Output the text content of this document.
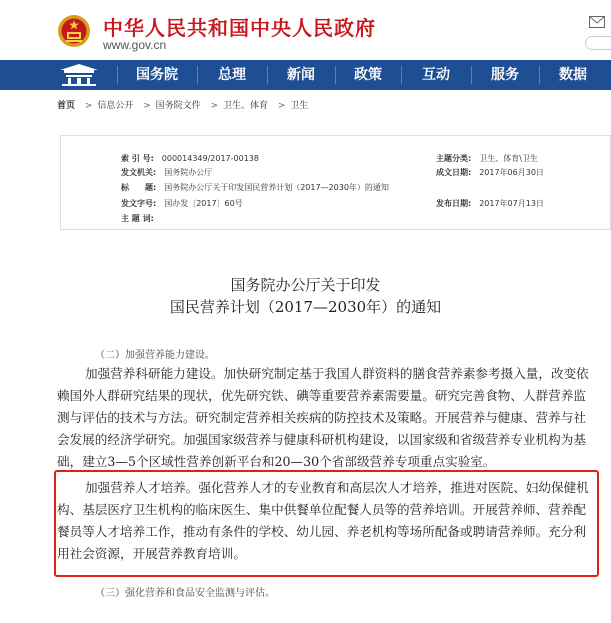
中华人民共和国中央人民政府
www.gov.cn
国务院	总理	新闻	政策	互动	服务	数据
首页 > 信息公开 > 国务院文件 > 卫生、体育 > 卫生
索 引 号: 000014349/2017-00138	主题分类: 卫生、体育\卫生
发文机关: 国务院办公厅	成文日期: 2017年06月30日
标　　题: 国务院办公厅关于印发国民营养计划（2017—2030年）的通知
发文字号: 国办发〔2017〕60号	发布日期: 2017年07月13日
主 题 词:
国务院办公厅关于印发
国民营养计划（2017—2030年）的通知
（二）加强营养能力建设。
加强营养科研能力建设。加快研究制定基于我国人群资料的膳食营养素参考摄入量，改变依赖国外人群研究结果的现状，优先研究铁、碘等重要营养素需要量。研究完善食物、人群营养监测与评估的技术与方法。研究制定营养相关疾病的防控技术及策略。开展营养与健康、营养与社会发展的经济学研究。加强国家级营养与健康科研机构建设，以国家级和省级营养专业机构为基础，建立3—5个区域性营养创新平台和20—30个省部级营养专项重点实验室。
加强营养人才培养。强化营养人才的专业教育和高层次人才培养，推进对医院、妇幼保健机构、基层医疗卫生机构的临床医生、集中供餐单位配餐人员等的营养培训。开展营养师、营养配餐员等人才培养工作，推动有条件的学校、幼儿园、养老机构等场所配备或聘请营养师。充分利用社会资源，开展营养教育培训。
（三）强化营养和食品安全监测与评估。
